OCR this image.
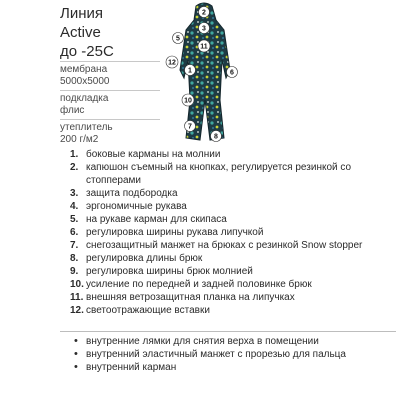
Линия
Active
до -25С
мембрана
5000х5000
подкладка
флис
утеплитель
200 г/м2
2
3
5
11
12
1	6
10
7
8
1. боковые карманы на молнии
2. капюшон съемный на кнопках, регулируется резинкой со стопперами
3. защита подбородка
4. эргономичные рукава
5. на рукаве карман для скипаса
6. регулировка ширины рукава липучкой
7. снегозащитный манжет на брюках с резинкой Snow stopper
8. регулировка длины брюк
9. регулировка ширины брюк молнией
10. усиление по передней и задней половинке брюк
11. внешняя ветрозащитная планка на липучках
12. светоотражающие вставки
• внутренние лямки для снятия верха в помещении
• внутренний эластичный манжет с прорезью для пальца
• внутренний карман
